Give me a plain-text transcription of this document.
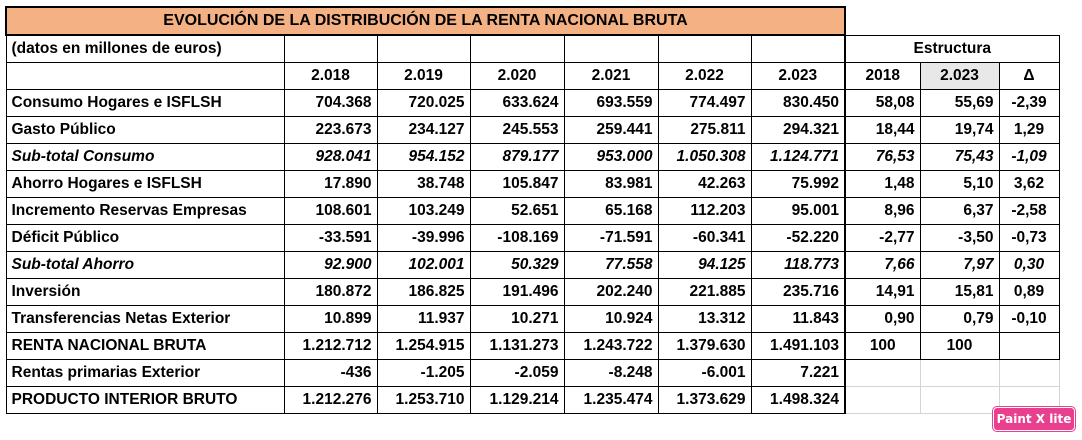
EVOLUCIÓN DE LA DISTRIBUCIÓN DE LA RENTA NACIONAL BRUTA									
(datos en millones de euros)							Estructura		
	2.018	2.019	2.020	2.021	2.022	2.023	2018	2.023	Δ
Consumo Hogares e ISFLSH	704.368	720.025	633.624	693.559	774.497	830.450	58,08	55,69	-2,39
Gasto Público	223.673	234.127	245.553	259.441	275.811	294.321	18,44	19,74	1,29
Sub-total Consumo	928.041	954.152	879.177	953.000	1.050.308	1.124.771	76,53	75,43	-1,09
Ahorro Hogares e ISFLSH	17.890	38.748	105.847	83.981	42.263	75.992	1,48	5,10	3,62
Incremento Reservas Empresas	108.601	103.249	52.651	65.168	112.203	95.001	8,96	6,37	-2,58
Déficit Público	-33.591	-39.996	-108.169	-71.591	-60.341	-52.220	-2,77	-3,50	-0,73
Sub-total Ahorro	92.900	102.001	50.329	77.558	94.125	118.773	7,66	7,97	0,30
Inversión	180.872	186.825	191.496	202.240	221.885	235.716	14,91	15,81	0,89
Transferencias Netas Exterior	10.899	11.937	10.271	10.924	13.312	11.843	0,90	0,79	-0,10
RENTA NACIONAL BRUTA	1.212.712	1.254.915	1.131.273	1.243.722	1.379.630	1.491.103	100	100	
Rentas primarias Exterior	-436	-1.205	-2.059	-8.248	-6.001	7.221			
PRODUCTO INTERIOR BRUTO	1.212.276	1.253.710	1.129.214	1.235.474	1.373.629	1.498.324			
Paint X lite
